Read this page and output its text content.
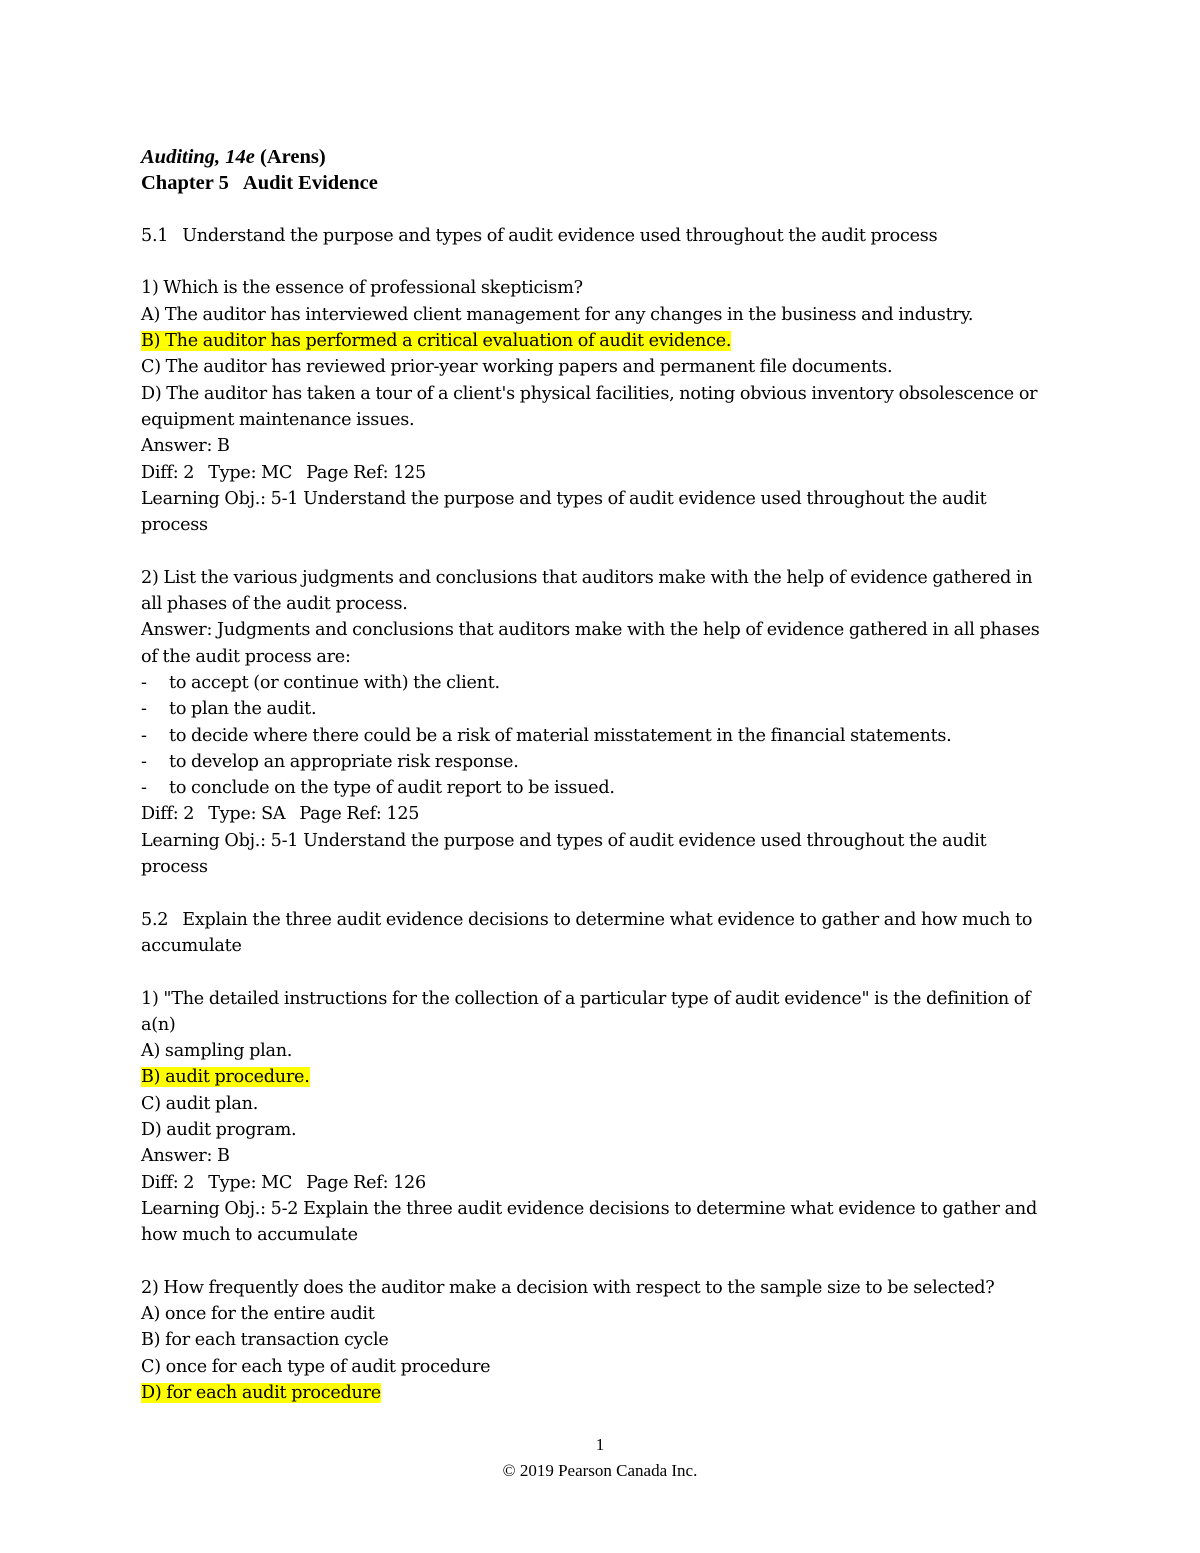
Auditing, 14e (Arens)
Chapter 5 Audit Evidence
5.1 Understand the purpose and types of audit evidence used throughout the audit process
1) Which is the essence of professional skepticism?
A) The auditor has interviewed client management for any changes in the business and industry.
B) The auditor has performed a critical evaluation of audit evidence.
C) The auditor has reviewed prior-year working papers and permanent file documents.
D) The auditor has taken a tour of a client's physical facilities, noting obvious inventory obsolescence or
equipment maintenance issues.
Answer: B
Diff: 2 Type: MC Page Ref: 125
Learning Obj.: 5-1 Understand the purpose and types of audit evidence used throughout the audit
process
2) List the various judgments and conclusions that auditors make with the help of evidence gathered in
all phases of the audit process.
Answer: Judgments and conclusions that auditors make with the help of evidence gathered in all phases
of the audit process are:
- to accept (or continue with) the client.
- to plan the audit.
- to decide where there could be a risk of material misstatement in the financial statements.
- to develop an appropriate risk response.
- to conclude on the type of audit report to be issued.
Diff: 2 Type: SA Page Ref: 125
Learning Obj.: 5-1 Understand the purpose and types of audit evidence used throughout the audit
process
5.2 Explain the three audit evidence decisions to determine what evidence to gather and how much to
accumulate
1) "The detailed instructions for the collection of a particular type of audit evidence" is the definition of
a(n)
A) sampling plan.
B) audit procedure.
C) audit plan.
D) audit program.
Answer: B
Diff: 2 Type: MC Page Ref: 126
Learning Obj.: 5-2 Explain the three audit evidence decisions to determine what evidence to gather and
how much to accumulate
2) How frequently does the auditor make a decision with respect to the sample size to be selected?
A) once for the entire audit
B) for each transaction cycle
C) once for each type of audit procedure
D) for each audit procedure
1
© 2019 Pearson Canada Inc.
